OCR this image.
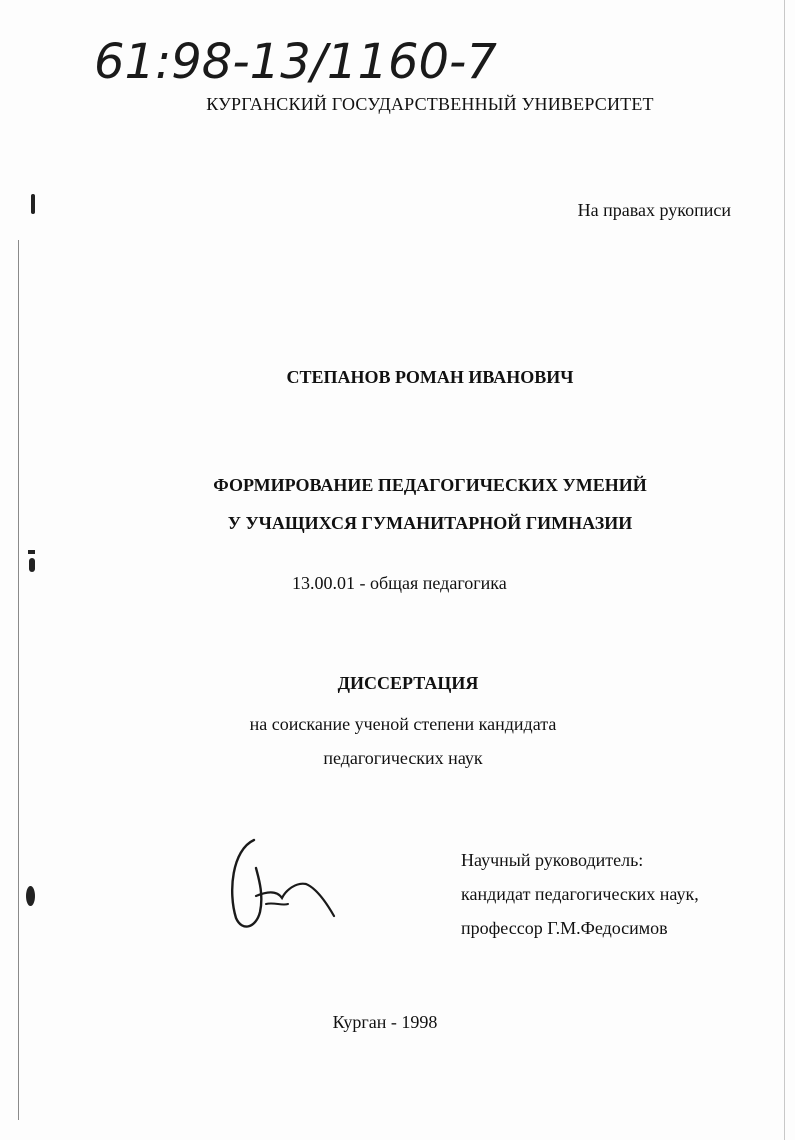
61:98-13/1160-7
КУРГАНСКИЙ ГОСУДАРСТВЕННЫЙ УНИВЕРСИТЕТ
На правах рукописи
СТЕПАНОВ РОМАН ИВАНОВИЧ
ФОРМИРОВАНИЕ ПЕДАГОГИЧЕСКИХ УМЕНИЙ
У УЧАЩИХСЯ ГУМАНИТАРНОЙ ГИМНАЗИИ
13.00.01 - общая педагогика
ДИССЕРТАЦИЯ
на соискание ученой степени кандидата
педагогических наук
Научный руководитель:
кандидат педагогических наук,
профессор Г.М.Федосимов
Курган - 1998
